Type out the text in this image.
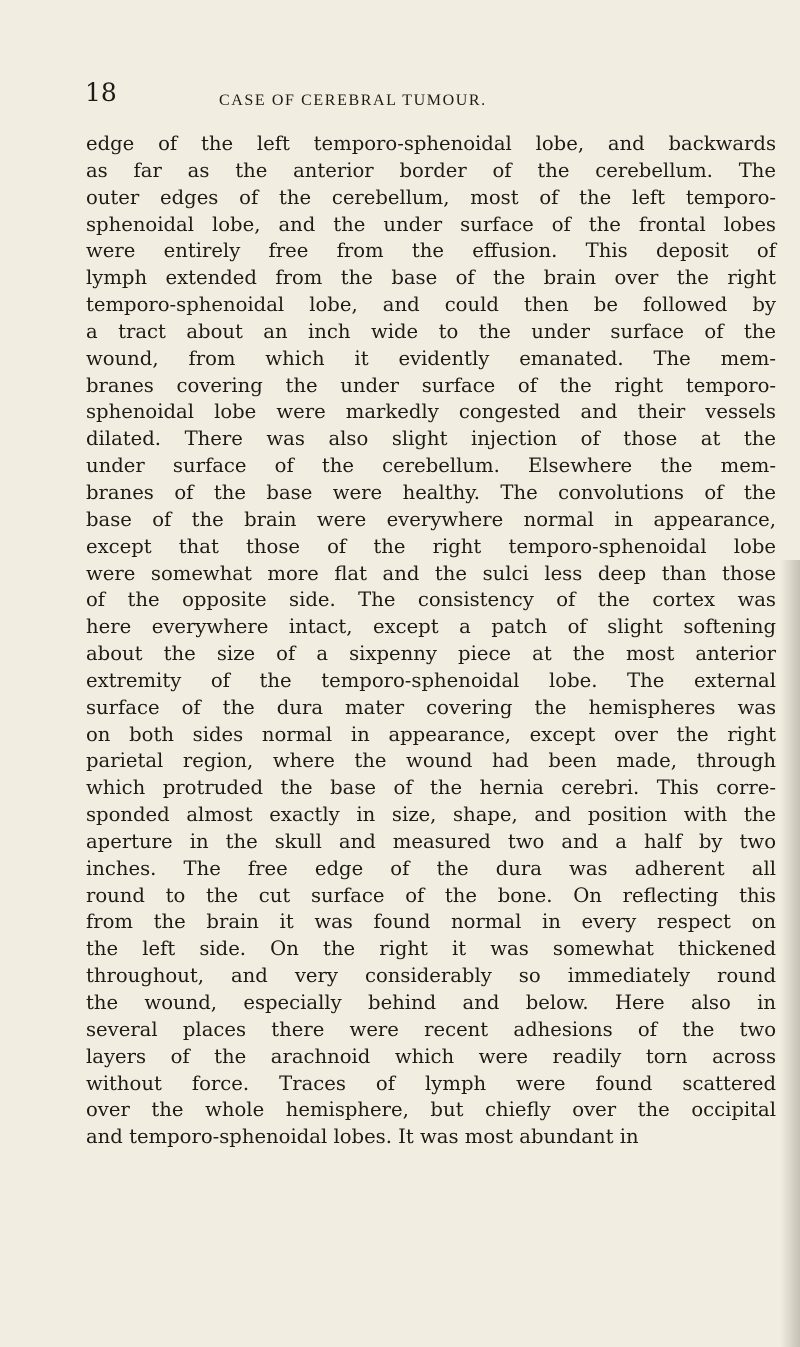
18	CASE OF CEREBRAL TUMOUR.
edge of the left temporo-sphenoidal lobe, and backwards
as far as the anterior border of the cerebellum. The
outer edges of the cerebellum, most of the left temporo-
sphenoidal lobe, and the under surface of the frontal lobes
were entirely free from the effusion. This deposit of
lymph extended from the base of the brain over the right
temporo-sphenoidal lobe, and could then be followed by
a tract about an inch wide to the under surface of the
wound, from which it evidently emanated. The mem-
branes covering the under surface of the right temporo-
sphenoidal lobe were markedly congested and their vessels
dilated. There was also slight injection of those at the
under surface of the cerebellum. Elsewhere the mem-
branes of the base were healthy. The convolutions of the
base of the brain were everywhere normal in appearance,
except that those of the right temporo-sphenoidal lobe
were somewhat more flat and the sulci less deep than those
of the opposite side. The consistency of the cortex was
here everywhere intact, except a patch of slight softening
about the size of a sixpenny piece at the most anterior
extremity of the temporo-sphenoidal lobe. The external
surface of the dura mater covering the hemispheres was
on both sides normal in appearance, except over the right
parietal region, where the wound had been made, through
which protruded the base of the hernia cerebri. This corre-
sponded almost exactly in size, shape, and position with the
aperture in the skull and measured two and a half by two
inches. The free edge of the dura was adherent all
round to the cut surface of the bone. On reflecting this
from the brain it was found normal in every respect on
the left side. On the right it was somewhat thickened
throughout, and very considerably so immediately round
the wound, especially behind and below. Here also in
several places there were recent adhesions of the two
layers of the arachnoid which were readily torn across
without force. Traces of lymph were found scattered
over the whole hemisphere, but chiefly over the occipital
and temporo-sphenoidal lobes. It was most abundant in
